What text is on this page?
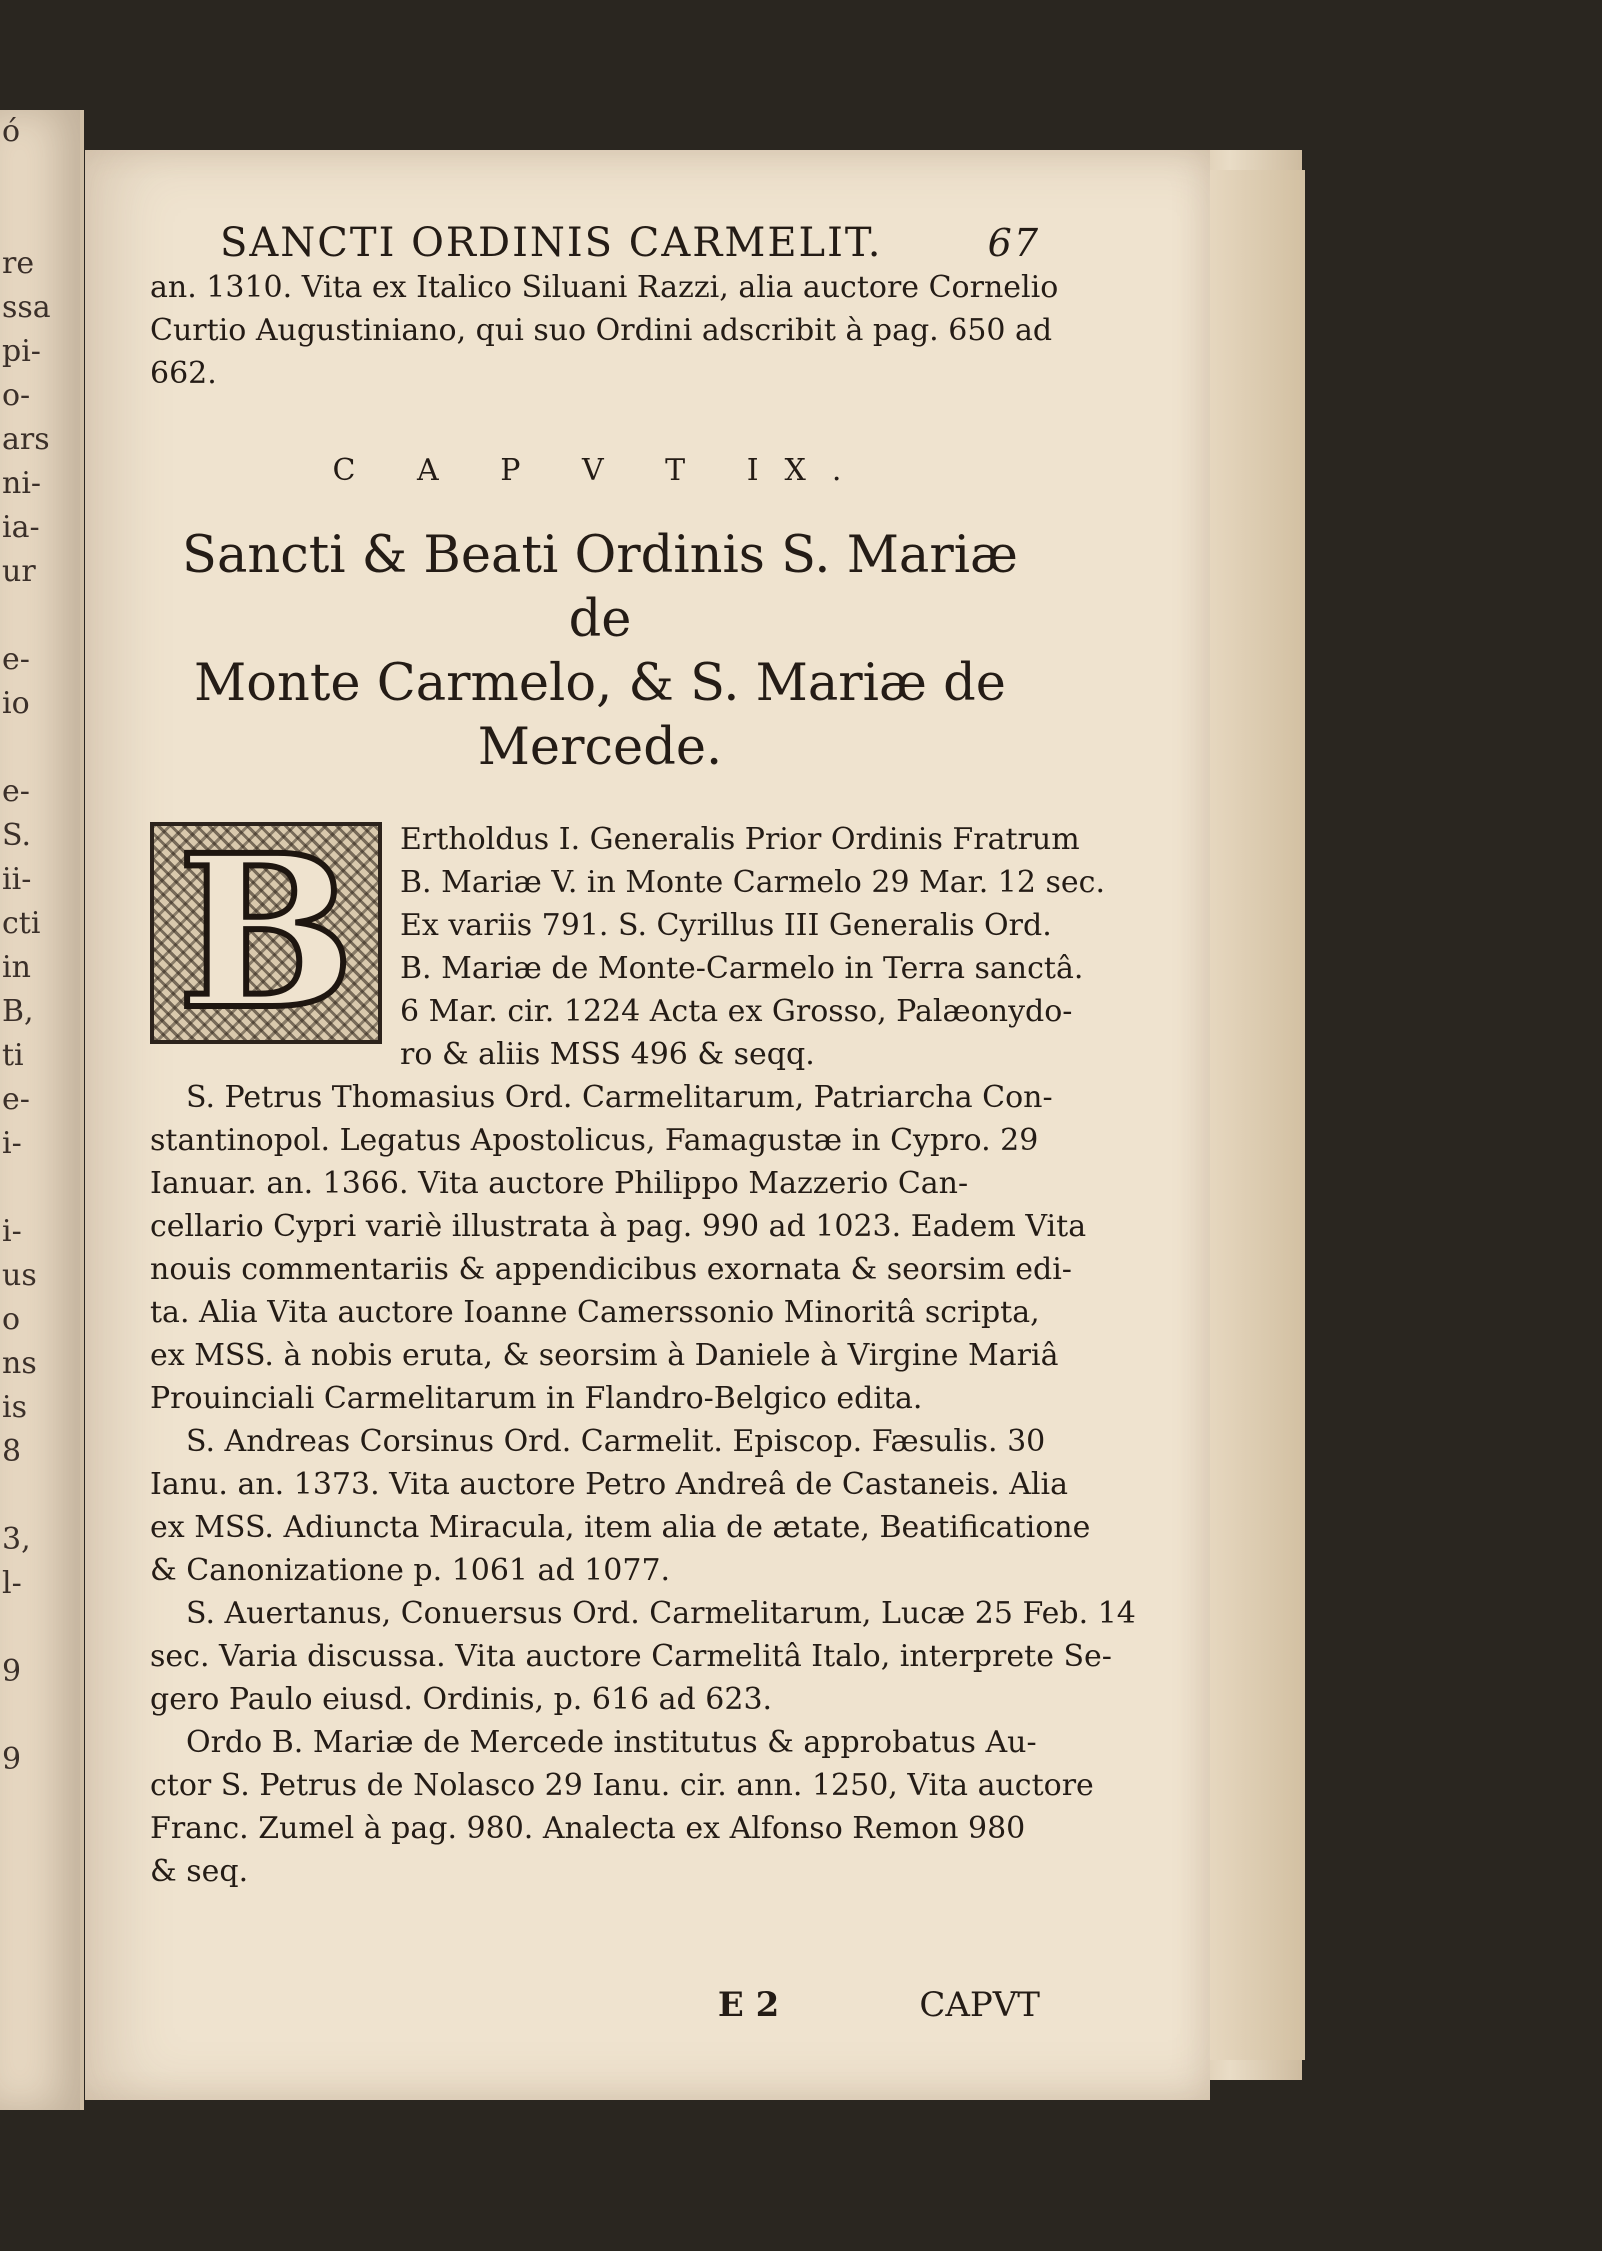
ó
re
ssa
pi-
o-
ars
ni-
ia-
ur
e-
io
e-
S.
ii-
cti
in
B,
ti
e-
i-
i-
us
o
ns
is
8
3,
l-
9
9
SANCTI ORDINIS CARMELIT.	67
an. 1310. Vita ex Italico Siluani Razzi, alia auctore Cornelio
Curtio Augustiniano, qui suo Ordini adscribit à pag. 650 ad
662.
C A P V T IX.
Sancti & Beati Ordinis S. Mariæ de
Monte Carmelo, & S. Mariæ de
Mercede.
B Ertholdus I. Generalis Prior Ordinis Fratrum
B. Mariæ V. in Monte Carmelo 29 Mar. 12 sec.
Ex variis 791. S. Cyrillus III Generalis Ord.
B. Mariæ de Monte-Carmelo in Terra sanctâ.
6 Mar. cir. 1224 Acta ex Grosso, Palæonydo-
ro & aliis MSS 496 & seqq.
S. Petrus Thomasius Ord. Carmelitarum, Patriarcha Con-
stantinopol. Legatus Apostolicus, Famagustæ in Cypro. 29
Ianuar. an. 1366. Vita auctore Philippo Mazzerio Can-
cellario Cypri variè illustrata à pag. 990 ad 1023. Eadem Vita
nouis commentariis & appendicibus exornata & seorsim edi-
ta. Alia Vita auctore Ioanne Camerssonio Minoritâ scripta,
ex MSS. à nobis eruta, & seorsim à Daniele à Virgine Mariâ
Prouinciali Carmelitarum in Flandro-Belgico edita.
S. Andreas Corsinus Ord. Carmelit. Episcop. Fæsulis. 30
Ianu. an. 1373. Vita auctore Petro Andreâ de Castaneis. Alia
ex MSS. Adiuncta Miracula, item alia de ætate, Beatificatione
& Canonizatione p. 1061 ad 1077.
S. Auertanus, Conuersus Ord. Carmelitarum, Lucæ 25 Feb. 14
sec. Varia discussa. Vita auctore Carmelitâ Italo, interprete Se-
gero Paulo eiusd. Ordinis, p. 616 ad 623.
Ordo B. Mariæ de Mercede institutus & approbatus Au-
ctor S. Petrus de Nolasco 29 Ianu. cir. ann. 1250, Vita auctore
Franc. Zumel à pag. 980. Analecta ex Alfonso Remon 980
& seq.
E 2	CAPVT
